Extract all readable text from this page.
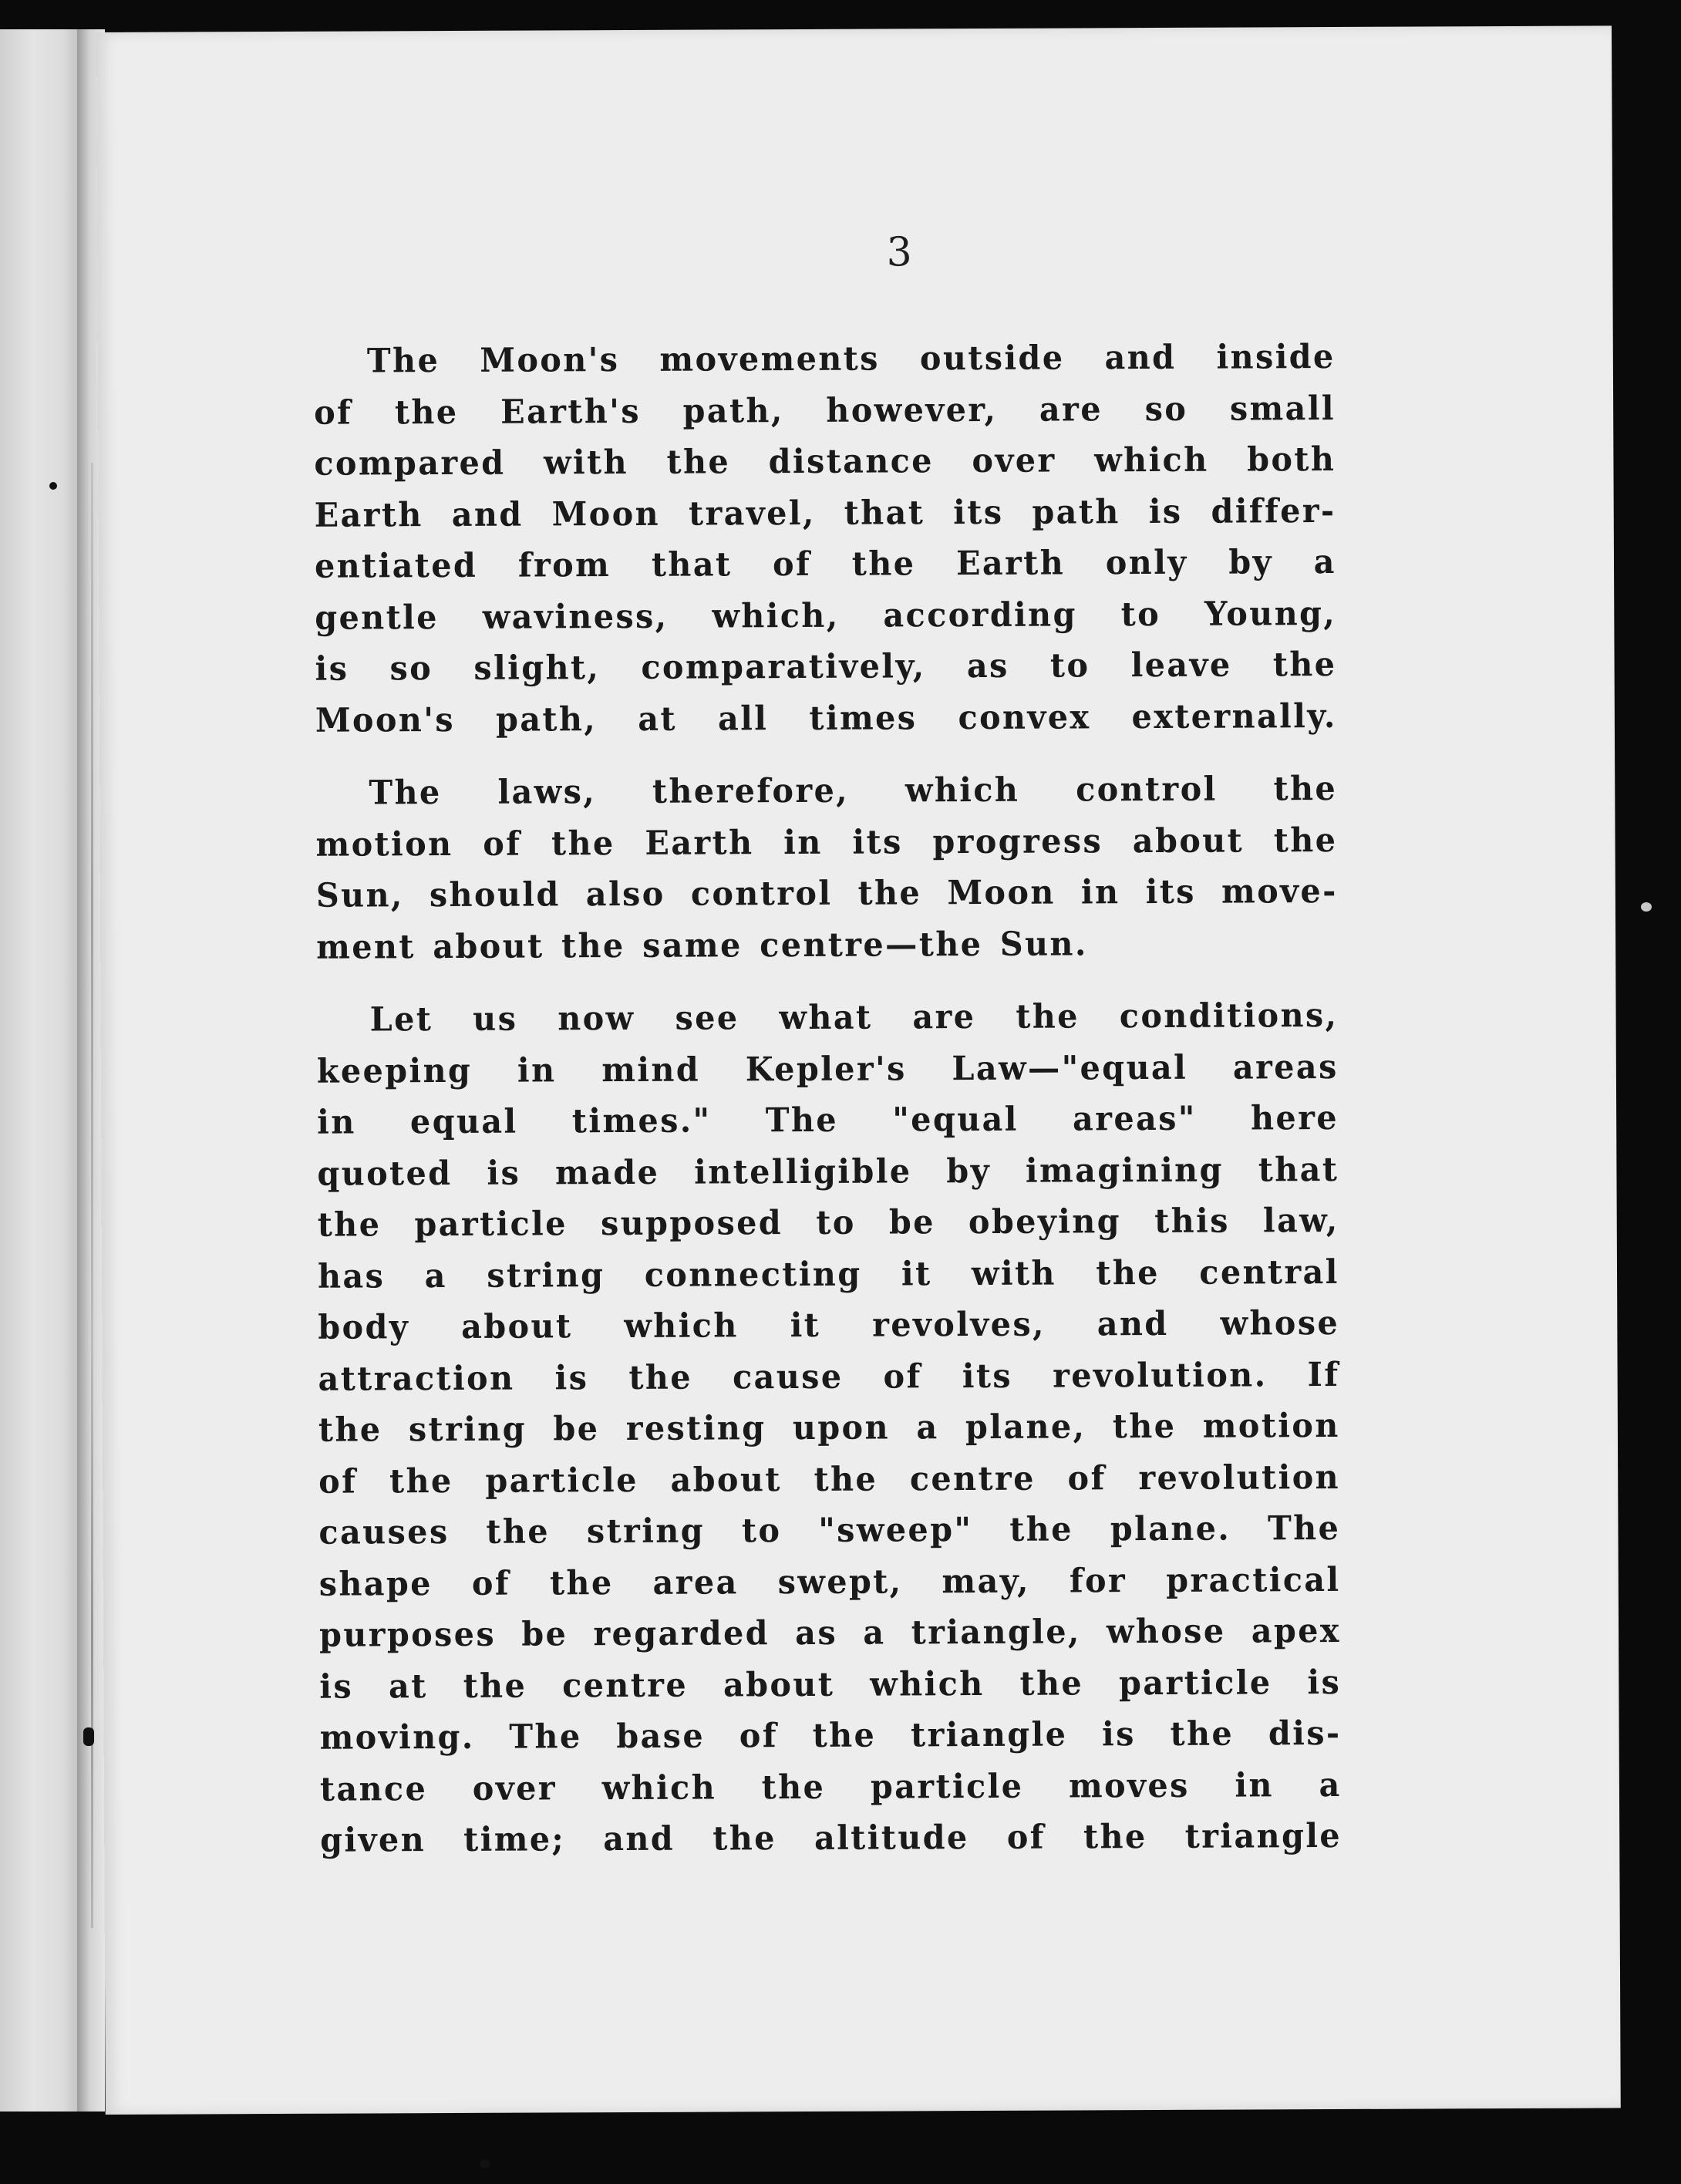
3
The Moon's movements outside and inside
of the Earth's path, however, are so small
compared with the distance over which both
Earth and Moon travel, that its path is differ-
entiated from that of the Earth only by a
gentle waviness, which, according to Young,
is so slight, comparatively, as to leave the
Moon's path, at all times convex externally.
The laws, therefore, which control the
motion of the Earth in its progress about the
Sun, should also control the Moon in its move-
ment about the same centre—the Sun.
Let us now see what are the conditions,
keeping in mind Kepler's Law—"equal areas
in equal times." The "equal areas" here
quoted is made intelligible by imagining that
the particle supposed to be obeying this law,
has a string connecting it with the central
body about which it revolves, and whose
attraction is the cause of its revolution. If
the string be resting upon a plane, the motion
of the particle about the centre of revolution
causes the string to "sweep" the plane. The
shape of the area swept, may, for practical
purposes be regarded as a triangle, whose apex
is at the centre about which the particle is
moving. The base of the triangle is the dis-
tance over which the particle moves in a
given time; and the altitude of the triangle
